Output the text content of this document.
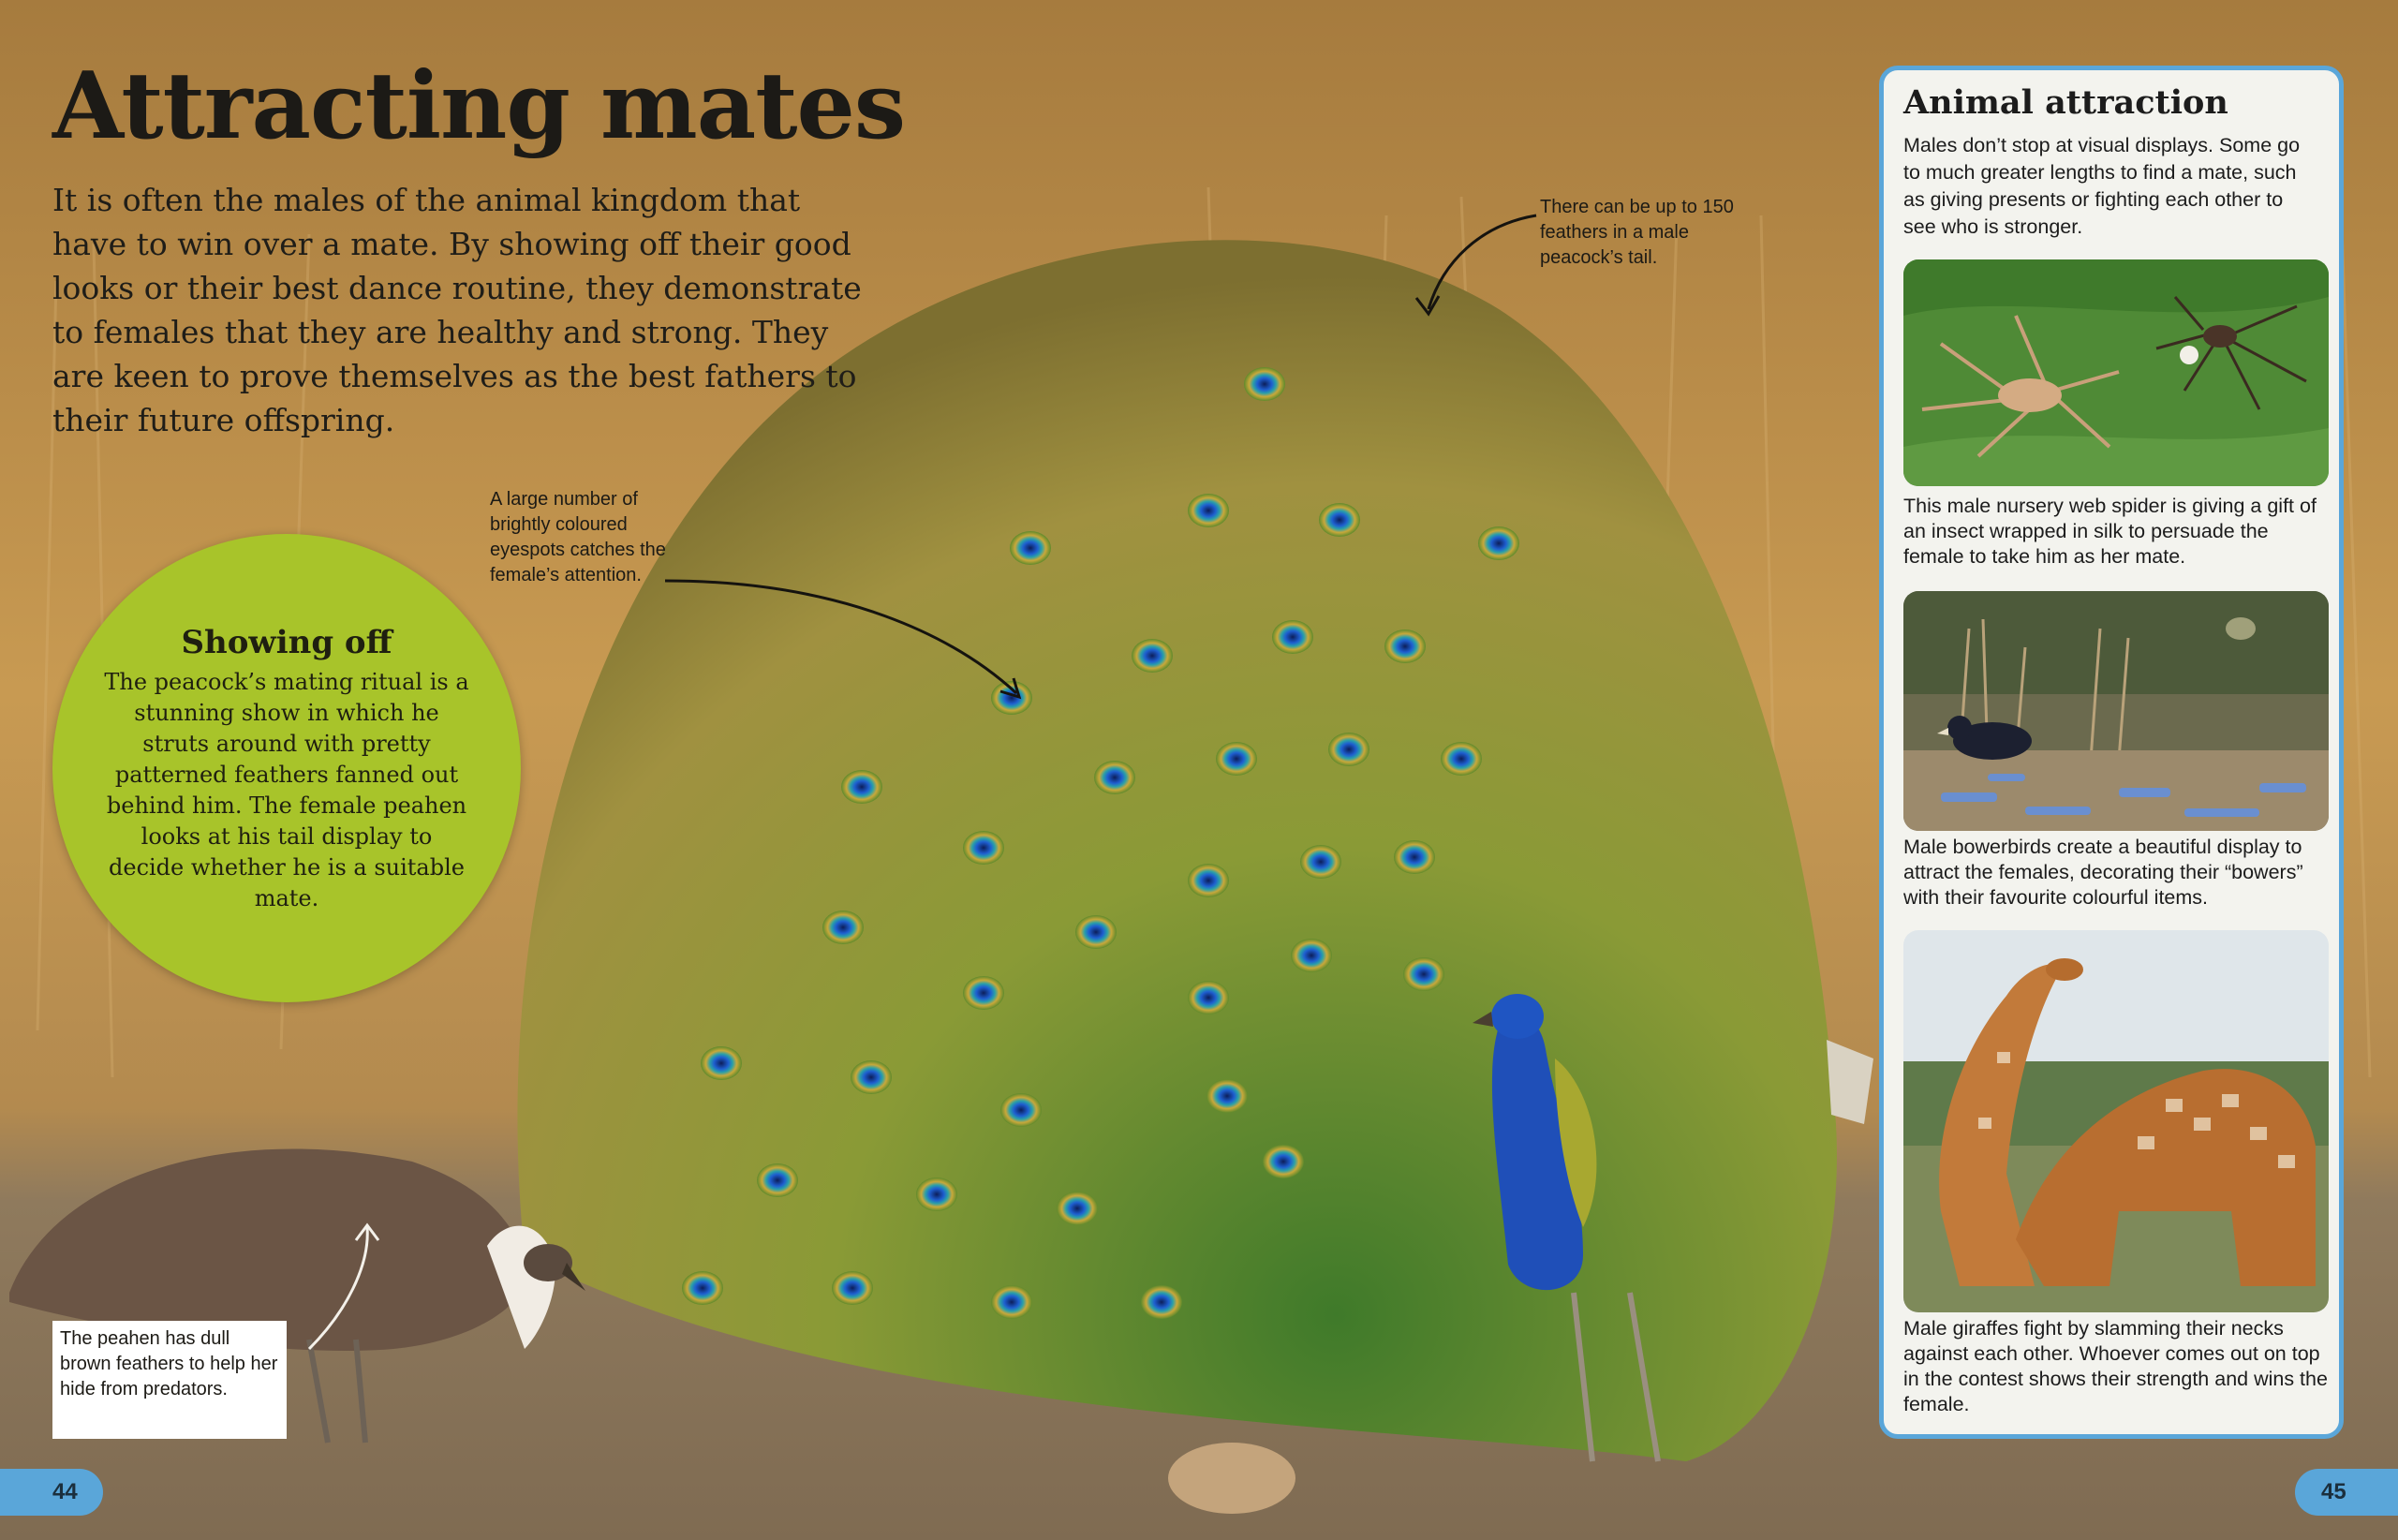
Attracting mates

It is often the males of the animal kingdom that have to win over a mate. By showing off their good looks or their best dance routine, they demonstrate to females that they are healthy and strong. They are keen to prove themselves as the best fathers to their future offspring.

Showing off

The peacock’s mating ritual is a stunning show in which he struts around with pretty patterned feathers fanned out behind him. The female peahen looks at his tail display to decide whether he is a suitable mate.

There can be up to 150 feathers in a male peacock’s tail.

A large number of brightly coloured eyespots catches the female’s attention.

The peahen has dull brown feathers to help her hide from predators.
Animal attraction

Males don’t stop at visual displays. Some go to much greater lengths to find a mate, such as giving presents or fighting each other to see who is stronger.

This male nursery web spider is giving a gift of an insect wrapped in silk to persuade the female to take him as her mate.

Male bowerbirds create a beautiful display to attract the females, decorating their “bowers” with their favourite colourful items.

Male giraffes fight by slamming their necks against each other. Whoever comes out on top in the contest shows their strength and wins the female.

44	45
